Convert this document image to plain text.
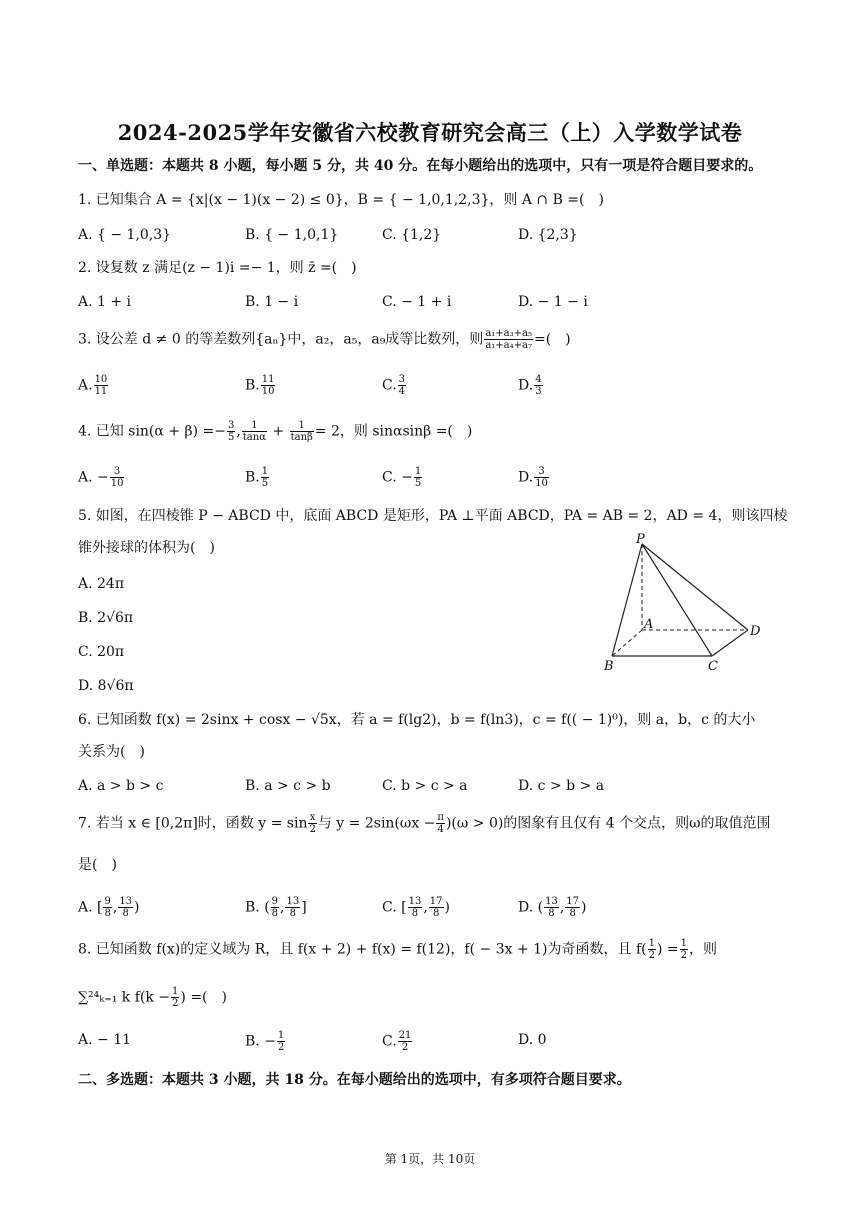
2024-2025学年安徽省六校教育研究会高三（上）入学数学试卷
一、单选题：本题共 8 小题，每小题 5 分，共 40 分。在每小题给出的选项中，只有一项是符合题目要求的。
1. 已知集合 A = {x|(x − 1)(x − 2) ≤ 0}，B = { − 1,0,1,2,3}，则 A ∩ B =(　)
A. { − 1,0,3}	B. { − 1,0,1}	C. {1,2}	D. {2,3}
2. 设复数 z 满足(z − 1)i =− 1，则 z̄ =(　)
A. 1 + i	B. 1 − i	C. − 1 + i	D. − 1 − i
3. 设公差 d ≠ 0 的等差数列{aₙ}中，a₂，a₅，a₉成等比数列，则 $\frac{\text{a₁+a₃+a₅}}{\text{a₁+a₄+a₇}}$ =(　)
A. $\frac{10}{11}$	B. $\frac{11}{10}$	C. $\frac{3}{4}$	D. $\frac{4}{3}$
4. 已知 $\sin(\alpha + \beta) =- \frac{3}{5}$ , $\frac{1}{\tan\alpha} + \frac{1}{\tan\beta} = 2$，则 sinαsinβ =(　)
A. − $\frac{3}{10}$	B. $\frac{1}{5}$	C. − $\frac{1}{5}$	D. $\frac{3}{10}$
5. 如图，在四棱锥 P − ABCD 中，底面 ABCD 是矩形，PA ⊥平面 ABCD，PA = AB = 2，AD = 4，则该四棱
锥外接球的体积为(　)
A. 24π
B. 2√6π
C. 20π
D. 8√6π
P
A
B	C
D
6. 已知函数 f(x) = 2sinx + cosx − √5x，若 a = f(lg2)，b = f(ln3)，c = f(( − 1)⁰)，则 a，b，c 的大小
关系为(　)
A. a > b > c	B. a > c > b	C. b > c > a	D. c > b > a
7. 若当 x ∈ [0,2π]时，函数 $y = \sin \frac{x}{2}$ 与 $y = 2\sin(\omega x - \frac{\pi}{4} )(\omega > 0)$的图象有且仅有 4 个交点，则ω的取值范围
是(　)
A. [ $\frac{9}{8}$ , $\frac{13}{8}$ )	B. ( $\frac{9}{8}$ , $\frac{13}{8}$ ]	C. [ $\frac{13}{8}$ , $\frac{17}{8}$ )	D. ( $\frac{13}{8}$ , $\frac{17}{8}$ )
8. 已知函数 f(x)的定义域为 R，且 f(x + 2) + f(x) = f(12)，f( − 3x + 1)为奇函数，且 $f( \frac{1}{2}$ ) = $\frac{1}{2}$ ，则
∑²⁴ₖ₌₁ k $f(k - \frac{1}{2}$ ) =(　)
A. − 11	B. − $\frac{1}{2}$	C. $\frac{21}{2}$	D. 0
二、多选题：本题共 3 小题，共 18 分。在每小题给出的选项中，有多项符合题目要求。
第 1页，共 10页
